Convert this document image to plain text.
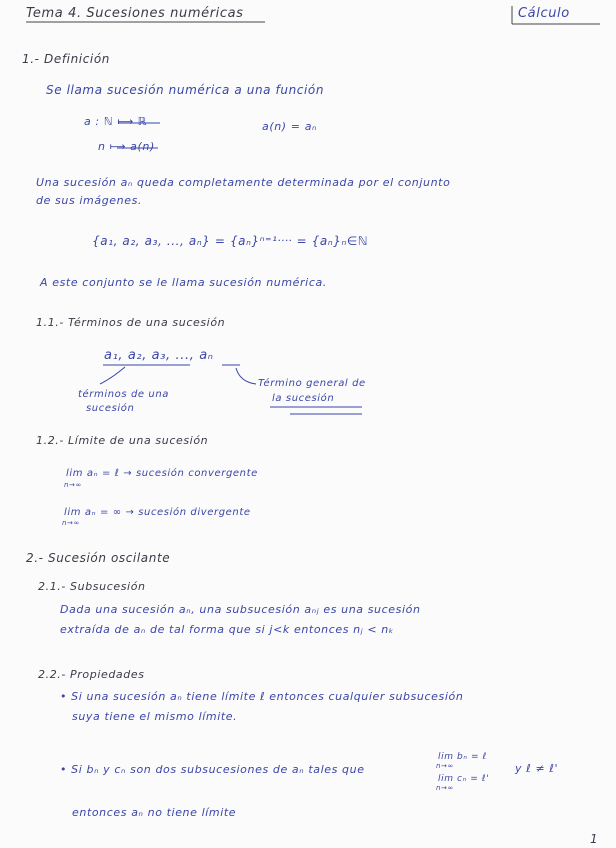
Tema 4. Sucesiones numéricas	Cálculo
1.- Definición
Se llama sucesión numérica a una función
a : ℕ ⟼ ℝ	a(n) = aₙ
n ⟼ a(n)
Una sucesión aₙ queda completamente determinada por el conjunto
de sus imágenes.
{a₁, a₂, a₃, ..., aₙ} = {aₙ}ⁿ⁼¹ᐧᐧᐧᐧ = {aₙ}ₙ∈ℕ
A este conjunto se le llama sucesión numérica.
1.1.- Términos de una sucesión
a₁, a₂, a₃, ..., aₙ
términos de una
sucesión
Término general de
la sucesión
1.2.- Límite de una sucesión
lim aₙ = ℓ → sucesión convergente
n→∞
lim aₙ = ∞ → sucesión divergente
n→∞
2.- Sucesión oscilante
2.1.- Subsucesión
Dada una sucesión aₙ, una subsucesión aₙⱼ es una sucesión
extraída de aₙ de tal forma que si j<k entonces nⱼ < nₖ
2.2.- Propiedades
• Si una sucesión aₙ tiene límite ℓ entonces cualquier subsucesión
suya tiene el mismo límite.
• Si bₙ y cₙ son dos subsucesiones de aₙ tales que
lim bₙ = ℓ
n→∞
lim cₙ = ℓ'
n→∞
y ℓ ≠ ℓ'
entonces aₙ no tiene límite
1
